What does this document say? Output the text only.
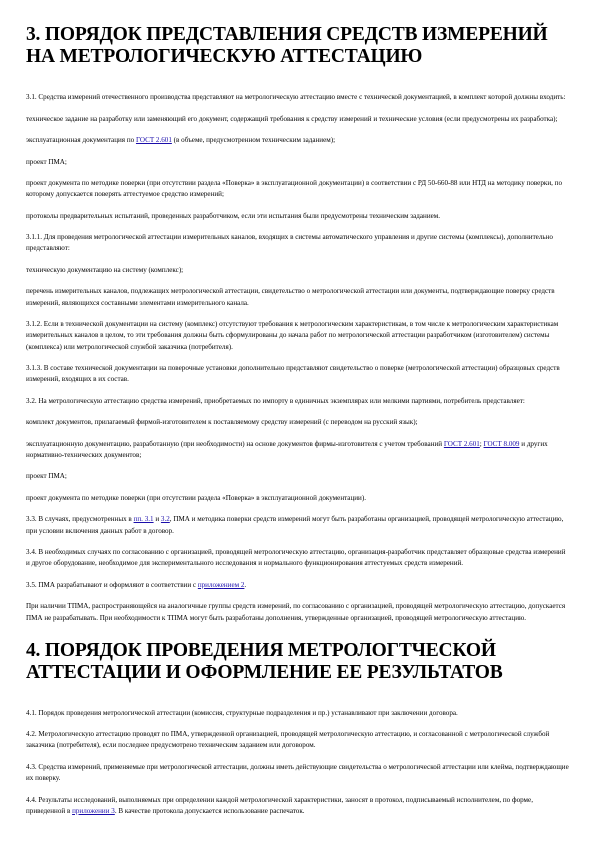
3. ПОРЯДОК ПРЕДСТАВЛЕНИЯ СРЕДСТВ ИЗМЕРЕНИЙ НА МЕТРОЛОГИЧЕСКУЮ АТТЕСТАЦИЮ

3.1. Средства измерений отечественного производства представляют на метрологическую аттестацию вместе с технической документацией, в комплект которой должны входить:

техническое задание на разработку или заменяющий его документ, содержащий требования к средству измерений и технические условия (если предусмотрены их разработка);

эксплуатационная документация по ГОСТ 2.601 (в объеме, предусмотренном техническим заданием);

проект ПМА;

проект документа по методике поверки (при отсутствии раздела «Поверка» в эксплуатационной документации) в соответствии с РД 50-660-88 или НТД на методику поверки, по которому допускается поверять аттестуемое средство измерений;

протоколы предварительных испытаний, проведенных разработчиком, если эти испытания были предусмотрены техническим заданием.

3.1.1. Для проведения метрологической аттестации измерительных каналов, входящих в системы автоматического управления и другие системы (комплексы), дополнительно представляют:

техническую документацию на систему (комплекс);

перечень измерительных каналов, подлежащих метрологической аттестации, свидетельство о метрологической аттестации или документы, подтверждающие поверку средств измерений, являющихся составными элементами измерительного канала.

3.1.2. Если в технической документации на систему (комплекс) отсутствуют требования к метрологическим характеристикам, в том числе к метрологическим характеристикам измерительных каналов в целом, то эти требования должны быть сформулированы до начала работ по метрологической аттестации разработчиком (изготовителем) системы (комплекса) или метрологической службой заказчика (потребителя).

3.1.3. В составе технической документации на поверочные установки дополнительно представляют свидетельство о поверке (метрологической аттестации) образцовых средств измерений, входящих в их состав.

3.2. На метрологическую аттестацию средства измерений, приобретаемых по импорту в единичных экземплярах или мелкими партиями, потребитель представляет:

комплект документов, прилагаемый фирмой-изготовителем к поставляемому средству измерений (с переводом на русский язык);

эксплуатационную документацию, разработанную (при необходимости) на основе документов фирмы-изготовителя с учетом требований ГОСТ 2.601; ГОСТ 8.009 и других нормативно-технических документов;

проект ПМА;

проект документа по методике поверки (при отсутствии раздела «Поверка» в эксплуатационной документации).

3.3. В случаях, предусмотренных в пп. 3.1 и 3.2, ПМА и методика поверки средств измерений могут быть разработаны организацией, проводящей метрологическую аттестацию, при условии включения данных работ в договор.

3.4. В необходимых случаях по согласованию с организацией, проводящей метрологическую аттестацию, организация-разработчик представляет образцовые средства измерений и другое оборудование, необходимое для экспериментального исследования и нормального функционирования аттестуемых средств измерений.

3.5. ПМА разрабатывают и оформляют в соответствии с приложением 2.

При наличии ТПМА, распространяющейся на аналогичные группы средств измерений, по согласованию с организацией, проводящей метрологическую аттестацию, допускается ПМА не разрабатывать. При необходимости к ТПМА могут быть разработаны дополнения, утвержденные организацией, проводящей метрологическую аттестацию.

4. ПОРЯДОК ПРОВЕДЕНИЯ МЕТРОЛОГТЧЕСКОЙ АТТЕСТАЦИИ И ОФОРМЛЕНИЕ ЕЕ РЕЗУЛЬТАТОВ

4.1. Порядок проведения метрологической аттестации (комиссия, структурные подразделения и пр.) устанавливают при заключении договора.

4.2. Метрологическую аттестацию проводят по ПМА, утвержденной организацией, проводящей метрологическую аттестацию, и согласованной с метрологической службой заказчика (потребителя), если последнее предусмотрено техническим заданием или договором.

4.3. Средства измерений, применяемые при метрологической аттестации, должны иметь действующие свидетельства о метрологической аттестации или клейма, подтверждающие их поверку.

4.4. Результаты исследований, выполняемых при определении каждой метрологической характеристики, заносят в протокол, подписываемый исполнителем, по форме, приведенной в приложении 3. В качестве протокола допускается использование распечаток.
